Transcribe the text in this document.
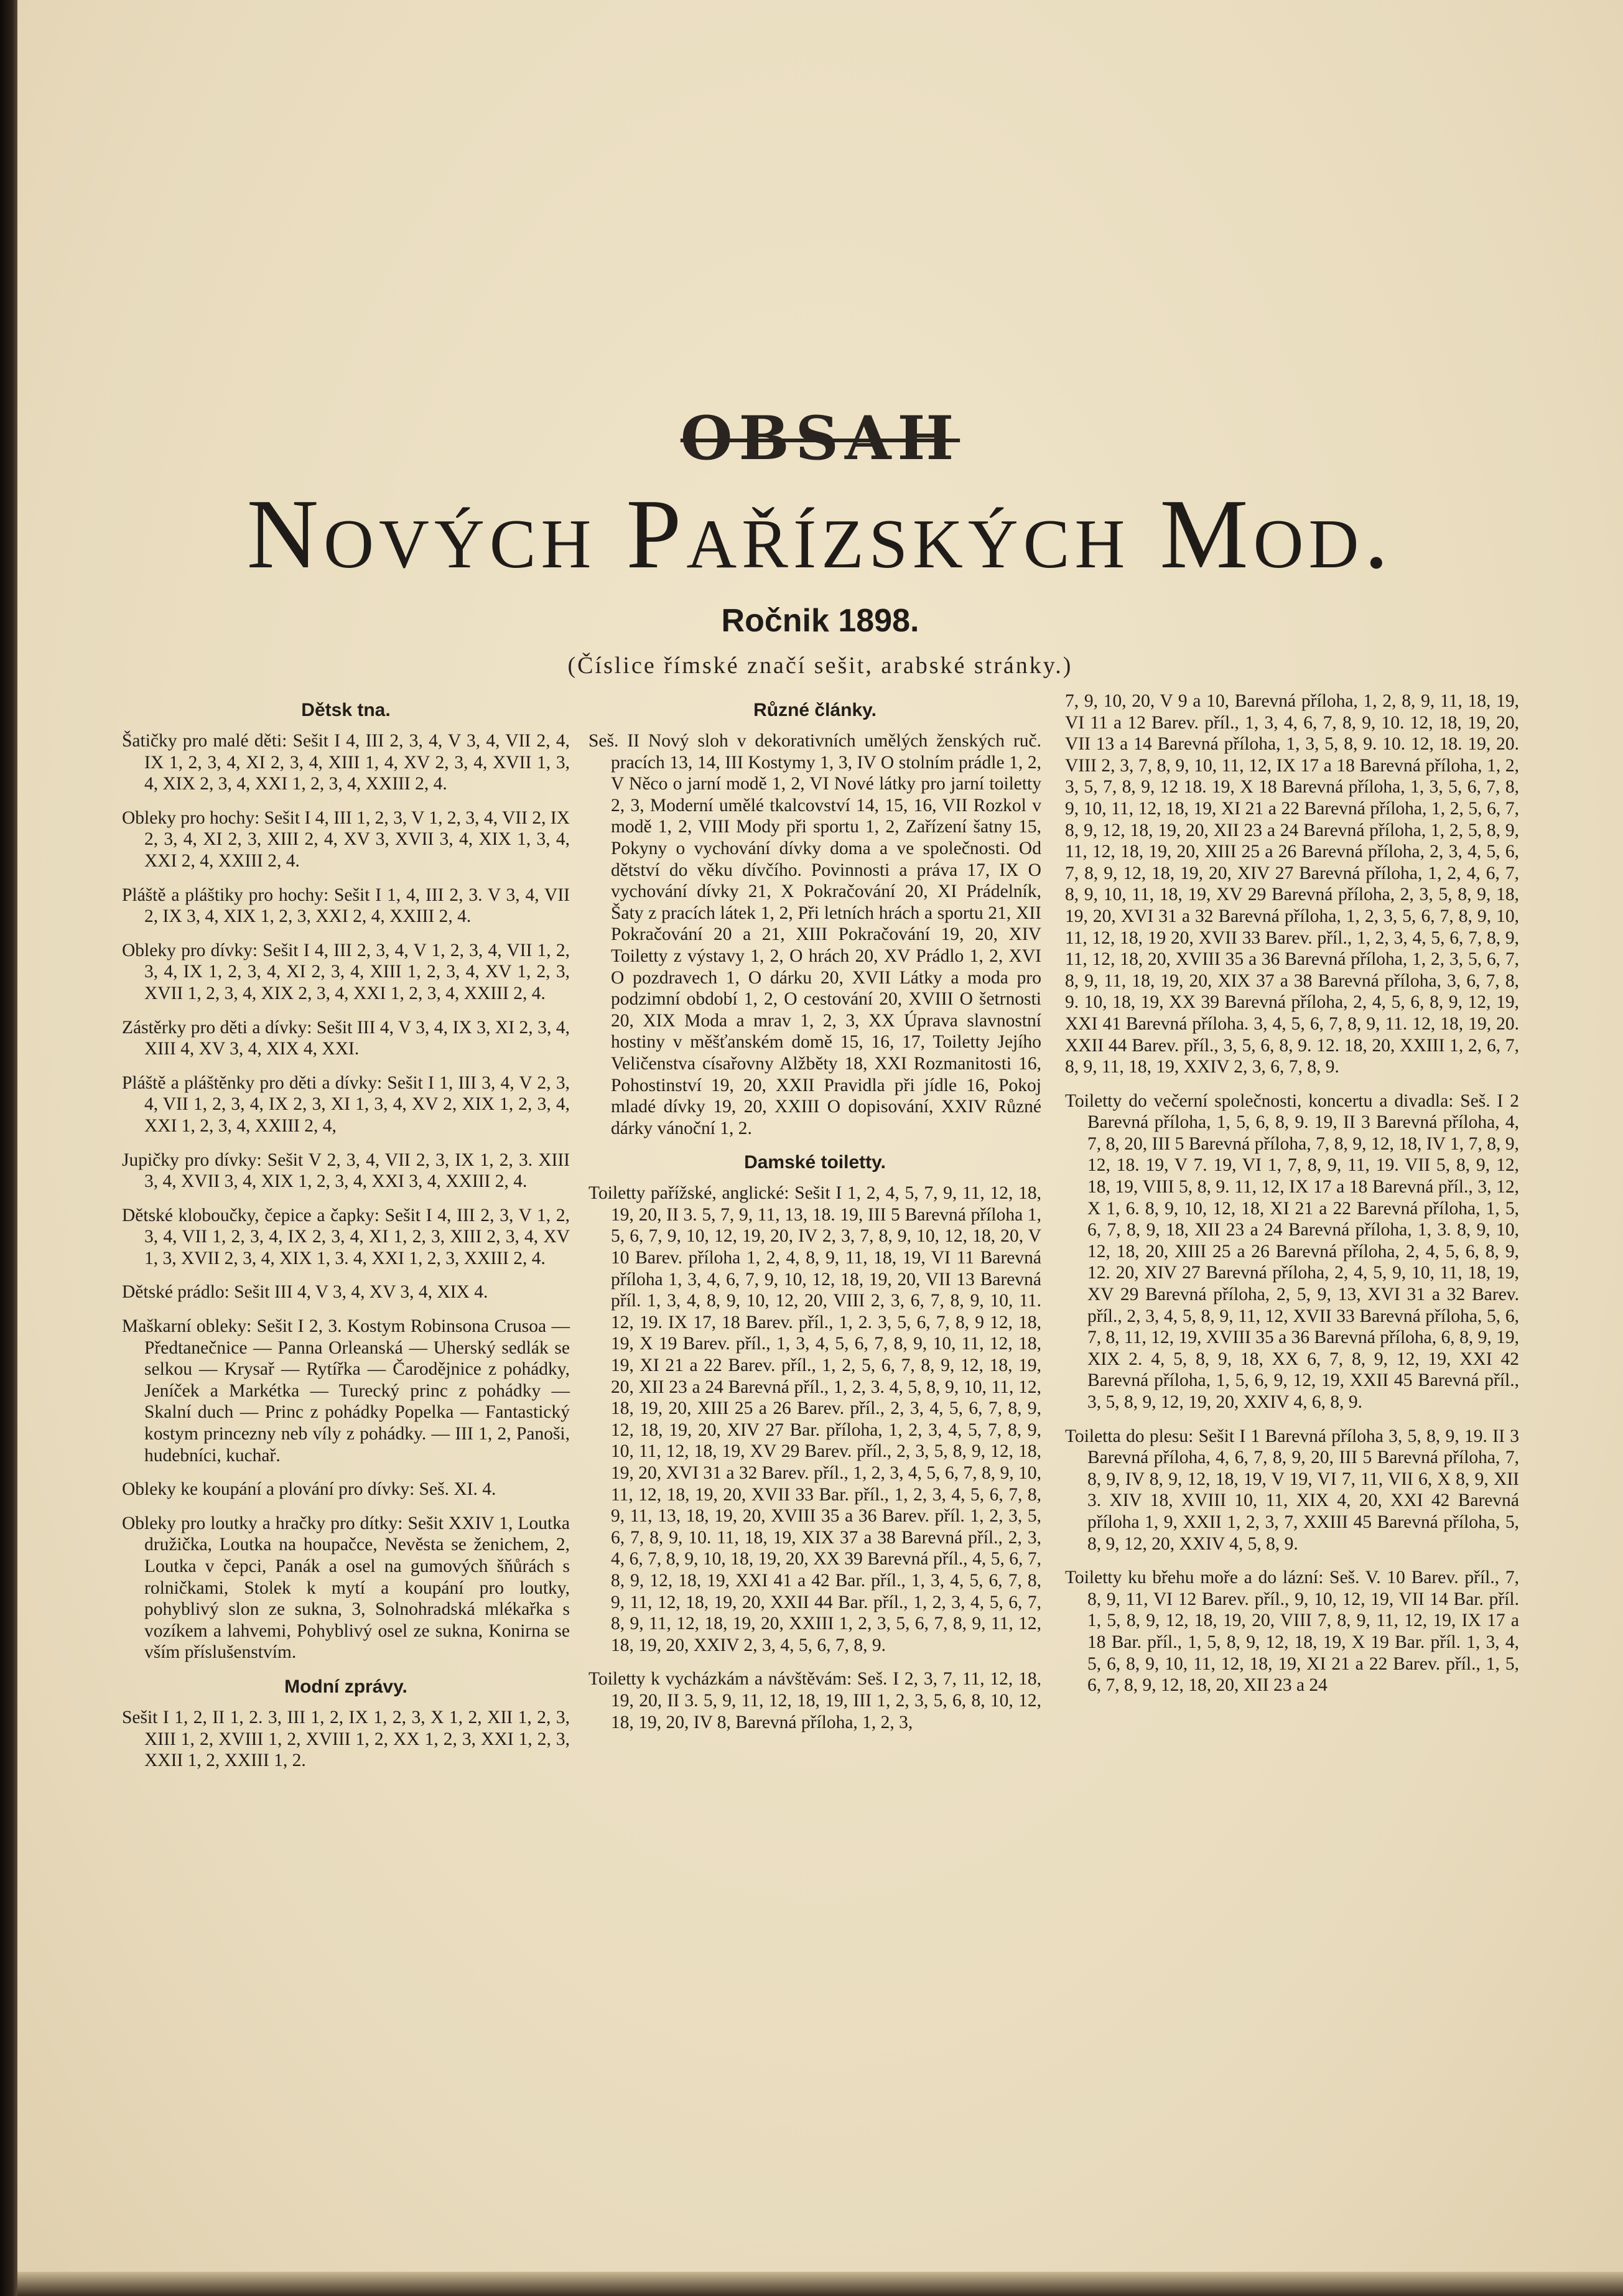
OBSAH
Nových Pařízských Mod.
Ročnik 1898.
(Číslice římské značí sešit, arabské stránky.)
Dětsk tna.

Šatičky pro malé děti: Sešit I 4, III 2, 3, 4, V 3, 4, VII 2, 4, IX 1, 2, 3, 4, XI 2, 3, 4, XIII 1, 4, XV 2, 3, 4, XVII 1, 3, 4, XIX 2, 3, 4, XXI 1, 2, 3, 4, XXIII 2, 4.

Obleky pro hochy: Sešit I 4, III 1, 2, 3, V 1, 2, 3, 4, VII 2, IX 2, 3, 4, XI 2, 3, XIII 2, 4, XV 3, XVII 3, 4, XIX 1, 3, 4, XXI 2, 4, XXIII 2, 4.

Pláště a pláštiky pro hochy: Sešit I 1, 4, III 2, 3. V 3, 4, VII 2, IX 3, 4, XIX 1, 2, 3, XXI 2, 4, XXIII 2, 4.

Obleky pro dívky: Sešit I 4, III 2, 3, 4, V 1, 2, 3, 4, VII 1, 2, 3, 4, IX 1, 2, 3, 4, XI 2, 3, 4, XIII 1, 2, 3, 4, XV 1, 2, 3, XVII 1, 2, 3, 4, XIX 2, 3, 4, XXI 1, 2, 3, 4, XXIII 2, 4.

Zástěrky pro děti a dívky: Sešit III 4, V 3, 4, IX 3, XI 2, 3, 4, XIII 4, XV 3, 4, XIX 4, XXI.

Pláště a pláštěnky pro děti a dívky: Sešit I 1, III 3, 4, V 2, 3, 4, VII 1, 2, 3, 4, IX 2, 3, XI 1, 3, 4, XV 2, XIX 1, 2, 3, 4, XXI 1, 2, 3, 4, XXIII 2, 4,

Jupičky pro dívky: Sešit V 2, 3, 4, VII 2, 3, IX 1, 2, 3. XIII 3, 4, XVII 3, 4, XIX 1, 2, 3, 4, XXI 3, 4, XXIII 2, 4.

Dětské kloboučky, čepice a čapky: Sešit I 4, III 2, 3, V 1, 2, 3, 4, VII 1, 2, 3, 4, IX 2, 3, 4, XI 1, 2, 3, XIII 2, 3, 4, XV 1, 3, XVII 2, 3, 4, XIX 1, 3. 4, XXI 1, 2, 3, XXIII 2, 4.

Dětské prádlo: Sešit III 4, V 3, 4, XV 3, 4, XIX 4.

Maškarní obleky: Sešit I 2, 3. Kostym Robinsona Crusoa — Předtanečnice — Panna Orleanská — Uherský sedlák se selkou — Krysař — Rytířka — Čarodějnice z pohádky, Jeníček a Markétka — Turecký princ z pohádky — Skalní duch — Princ z pohádky Popelka — Fantastický kostym princezny neb víly z pohádky. — III 1, 2, Panoši, hudebníci, kuchař.

Obleky ke koupání a plování pro dívky: Seš. XI. 4.

Obleky pro loutky a hračky pro dítky: Sešit XXIV 1, Loutka družička, Loutka na houpačce, Nevěsta se ženichem, 2, Loutka v čepci, Panák a osel na gumových šňůrách s rolničkami, Stolek k mytí a koupání pro loutky, pohyblivý slon ze sukna, 3, Solnohradská mlékařka s vozíkem a lahvemi, Pohyblivý osel ze sukna, Konirna se vším příslušenstvím.

Modní zprávy.

Sešit I 1, 2, II 1, 2. 3, III 1, 2, IX 1, 2, 3, X 1, 2, XII 1, 2, 3, XIII 1, 2, XVIII 1, 2, XVIII 1, 2, XX 1, 2, 3, XXI 1, 2, 3, XXII 1, 2, XXIII 1, 2.

Různé články.

Seš. II Nový sloh v dekorativních umělých ženských ruč. pracích 13, 14, III Kostymy 1, 3, IV O stolním prádle 1, 2, V Něco o jarní modě 1, 2, VI Nové látky pro jarní toiletty 2, 3, Moderní umělé tkalcovství 14, 15, 16, VII Rozkol v modě 1, 2, VIII Mody při sportu 1, 2, Zařízení šatny 15, Pokyny o vychování dívky doma a ve společnosti. Od dětství do věku dívčího. Povinnosti a práva 17, IX O vychování dívky 21, X Pokračování 20, XI Prádelník, Šaty z pracích látek 1, 2, Při letních hrách a sportu 21, XII Pokračování 20 a 21, XIII Pokračování 19, 20, XIV Toiletty z výstavy 1, 2, O hrách 20, XV Prádlo 1, 2, XVI O pozdravech 1, O dárku 20, XVII Látky a moda pro podzimní období 1, 2, O cestování 20, XVIII O šetrnosti 20, XIX Moda a mrav 1, 2, 3, XX Úprava slavnostní hostiny v měšťanském domě 15, 16, 17, Toiletty Jejího Veličenstva císařovny Alžběty 18, XXI Rozmanitosti 16, Pohostinství 19, 20, XXII Pravidla při jídle 16, Pokoj mladé dívky 19, 20, XXIII O dopisování, XXIV Různé dárky vánoční 1, 2.

Damské toiletty.

Toiletty pařížské, anglické: Sešit I 1, 2, 4, 5, 7, 9, 11, 12, 18, 19, 20, II 3. 5, 7, 9, 11, 13, 18. 19, III 5 Barevná příloha 1, 5, 6, 7, 9, 10, 12, 19, 20, IV 2, 3, 7, 8, 9, 10, 12, 18, 20, V 10 Barev. příloha 1, 2, 4, 8, 9, 11, 18, 19, VI 11 Barevná příloha 1, 3, 4, 6, 7, 9, 10, 12, 18, 19, 20, VII 13 Barevná příl. 1, 3, 4, 8, 9, 10, 12, 20, VIII 2, 3, 6, 7, 8, 9, 10, 11. 12, 19. IX 17, 18 Barev. příl., 1, 2. 3, 5, 6, 7, 8, 9 12, 18, 19, X 19 Barev. příl., 1, 3, 4, 5, 6, 7, 8, 9, 10, 11, 12, 18, 19, XI 21 a 22 Barev. příl., 1, 2, 5, 6, 7, 8, 9, 12, 18, 19, 20, XII 23 a 24 Barevná příl., 1, 2, 3. 4, 5, 8, 9, 10, 11, 12, 18, 19, 20, XIII 25 a 26 Barev. příl., 2, 3, 4, 5, 6, 7, 8, 9, 12, 18, 19, 20, XIV 27 Bar. příloha, 1, 2, 3, 4, 5, 7, 8, 9, 10, 11, 12, 18, 19, XV 29 Barev. příl., 2, 3, 5, 8, 9, 12, 18, 19, 20, XVI 31 a 32 Barev. příl., 1, 2, 3, 4, 5, 6, 7, 8, 9, 10, 11, 12, 18, 19, 20, XVII 33 Bar. příl., 1, 2, 3, 4, 5, 6, 7, 8, 9, 11, 13, 18, 19, 20, XVIII 35 a 36 Barev. příl. 1, 2, 3, 5, 6, 7, 8, 9, 10. 11, 18, 19, XIX 37 a 38 Barevná příl., 2, 3, 4, 6, 7, 8, 9, 10, 18, 19, 20, XX 39 Barevná příl., 4, 5, 6, 7, 8, 9, 12, 18, 19, XXI 41 a 42 Bar. příl., 1, 3, 4, 5, 6, 7, 8, 9, 11, 12, 18, 19, 20, XXII 44 Bar. příl., 1, 2, 3, 4, 5, 6, 7, 8, 9, 11, 12, 18, 19, 20, XXIII 1, 2, 3, 5, 6, 7, 8, 9, 11, 12, 18, 19, 20, XXIV 2, 3, 4, 5, 6, 7, 8, 9.

Toiletty k vycházkám a návštěvám: Seš. I 2, 3, 7, 11, 12, 18, 19, 20, II 3. 5, 9, 11, 12, 18, 19, III 1, 2, 3, 5, 6, 8, 10, 12, 18, 19, 20, IV 8, Barevná příloha, 1, 2, 3,

7, 9, 10, 20, V 9 a 10, Barevná příloha, 1, 2, 8, 9, 11, 18, 19, VI 11 a 12 Barev. příl., 1, 3, 4, 6, 7, 8, 9, 10. 12, 18, 19, 20, VII 13 a 14 Barevná příloha, 1, 3, 5, 8, 9. 10. 12, 18. 19, 20. VIII 2, 3, 7, 8, 9, 10, 11, 12, IX 17 a 18 Barevná příloha, 1, 2, 3, 5, 7, 8, 9, 12 18. 19, X 18 Barevná příloha, 1, 3, 5, 6, 7, 8, 9, 10, 11, 12, 18, 19, XI 21 a 22 Barevná příloha, 1, 2, 5, 6, 7, 8, 9, 12, 18, 19, 20, XII 23 a 24 Barevná příloha, 1, 2, 5, 8, 9, 11, 12, 18, 19, 20, XIII 25 a 26 Barevná příloha, 2, 3, 4, 5, 6, 7, 8, 9, 12, 18, 19, 20, XIV 27 Barevná příloha, 1, 2, 4, 6, 7, 8, 9, 10, 11, 18, 19, XV 29 Barevná příloha, 2, 3, 5, 8, 9, 18, 19, 20, XVI 31 a 32 Barevná příloha, 1, 2, 3, 5, 6, 7, 8, 9, 10, 11, 12, 18, 19 20, XVII 33 Barev. příl., 1, 2, 3, 4, 5, 6, 7, 8, 9, 11, 12, 18, 20, XVIII 35 a 36 Barevná příloha, 1, 2, 3, 5, 6, 7, 8, 9, 11, 18, 19, 20, XIX 37 a 38 Barevná příloha, 3, 6, 7, 8, 9. 10, 18, 19, XX 39 Barevná příloha, 2, 4, 5, 6, 8, 9, 12, 19, XXI 41 Barevná příloha. 3, 4, 5, 6, 7, 8, 9, 11. 12, 18, 19, 20. XXII 44 Barev. příl., 3, 5, 6, 8, 9. 12. 18, 20, XXIII 1, 2, 6, 7, 8, 9, 11, 18, 19, XXIV 2, 3, 6, 7, 8, 9.

Toiletty do večerní společnosti, koncertu a divadla: Seš. I 2 Barevná příloha, 1, 5, 6, 8, 9. 19, II 3 Barevná příloha, 4, 7, 8, 20, III 5 Barevná příloha, 7, 8, 9, 12, 18, IV 1, 7, 8, 9, 12, 18. 19, V 7. 19, VI 1, 7, 8, 9, 11, 19. VII 5, 8, 9, 12, 18, 19, VIII 5, 8, 9. 11, 12, IX 17 a 18 Barevná příl., 3, 12, X 1, 6. 8, 9, 10, 12, 18, XI 21 a 22 Barevná příloha, 1, 5, 6, 7, 8, 9, 18, XII 23 a 24 Barevná příloha, 1, 3. 8, 9, 10, 12, 18, 20, XIII 25 a 26 Barevná příloha, 2, 4, 5, 6, 8, 9, 12. 20, XIV 27 Barevná příloha, 2, 4, 5, 9, 10, 11, 18, 19, XV 29 Barevná příloha, 2, 5, 9, 13, XVI 31 a 32 Barev. příl., 2, 3, 4, 5, 8, 9, 11, 12, XVII 33 Barevná příloha, 5, 6, 7, 8, 11, 12, 19, XVIII 35 a 36 Barevná příloha, 6, 8, 9, 19, XIX 2. 4, 5, 8, 9, 18, XX 6, 7, 8, 9, 12, 19, XXI 42 Barevná příloha, 1, 5, 6, 9, 12, 19, XXII 45 Barevná příl., 3, 5, 8, 9, 12, 19, 20, XXIV 4, 6, 8, 9.

Toiletta do plesu: Sešit I 1 Barevná příloha 3, 5, 8, 9, 19. II 3 Barevná příloha, 4, 6, 7, 8, 9, 20, III 5 Barevná příloha, 7, 8, 9, IV 8, 9, 12, 18, 19, V 19, VI 7, 11, VII 6, X 8, 9, XII 3. XIV 18, XVIII 10, 11, XIX 4, 20, XXI 42 Barevná příloha 1, 9, XXII 1, 2, 3, 7, XXIII 45 Barevná příloha, 5, 8, 9, 12, 20, XXIV 4, 5, 8, 9.

Toiletty ku břehu moře a do lázní: Seš. V. 10 Barev. příl., 7, 8, 9, 11, VI 12 Barev. příl., 9, 10, 12, 19, VII 14 Bar. příl. 1, 5, 8, 9, 12, 18, 19, 20, VIII 7, 8, 9, 11, 12, 19, IX 17 a 18 Bar. příl., 1, 5, 8, 9, 12, 18, 19, X 19 Bar. příl. 1, 3, 4, 5, 6, 8, 9, 10, 11, 12, 18, 19, XI 21 a 22 Barev. příl., 1, 5, 6, 7, 8, 9, 12, 18, 20, XII 23 a 24
